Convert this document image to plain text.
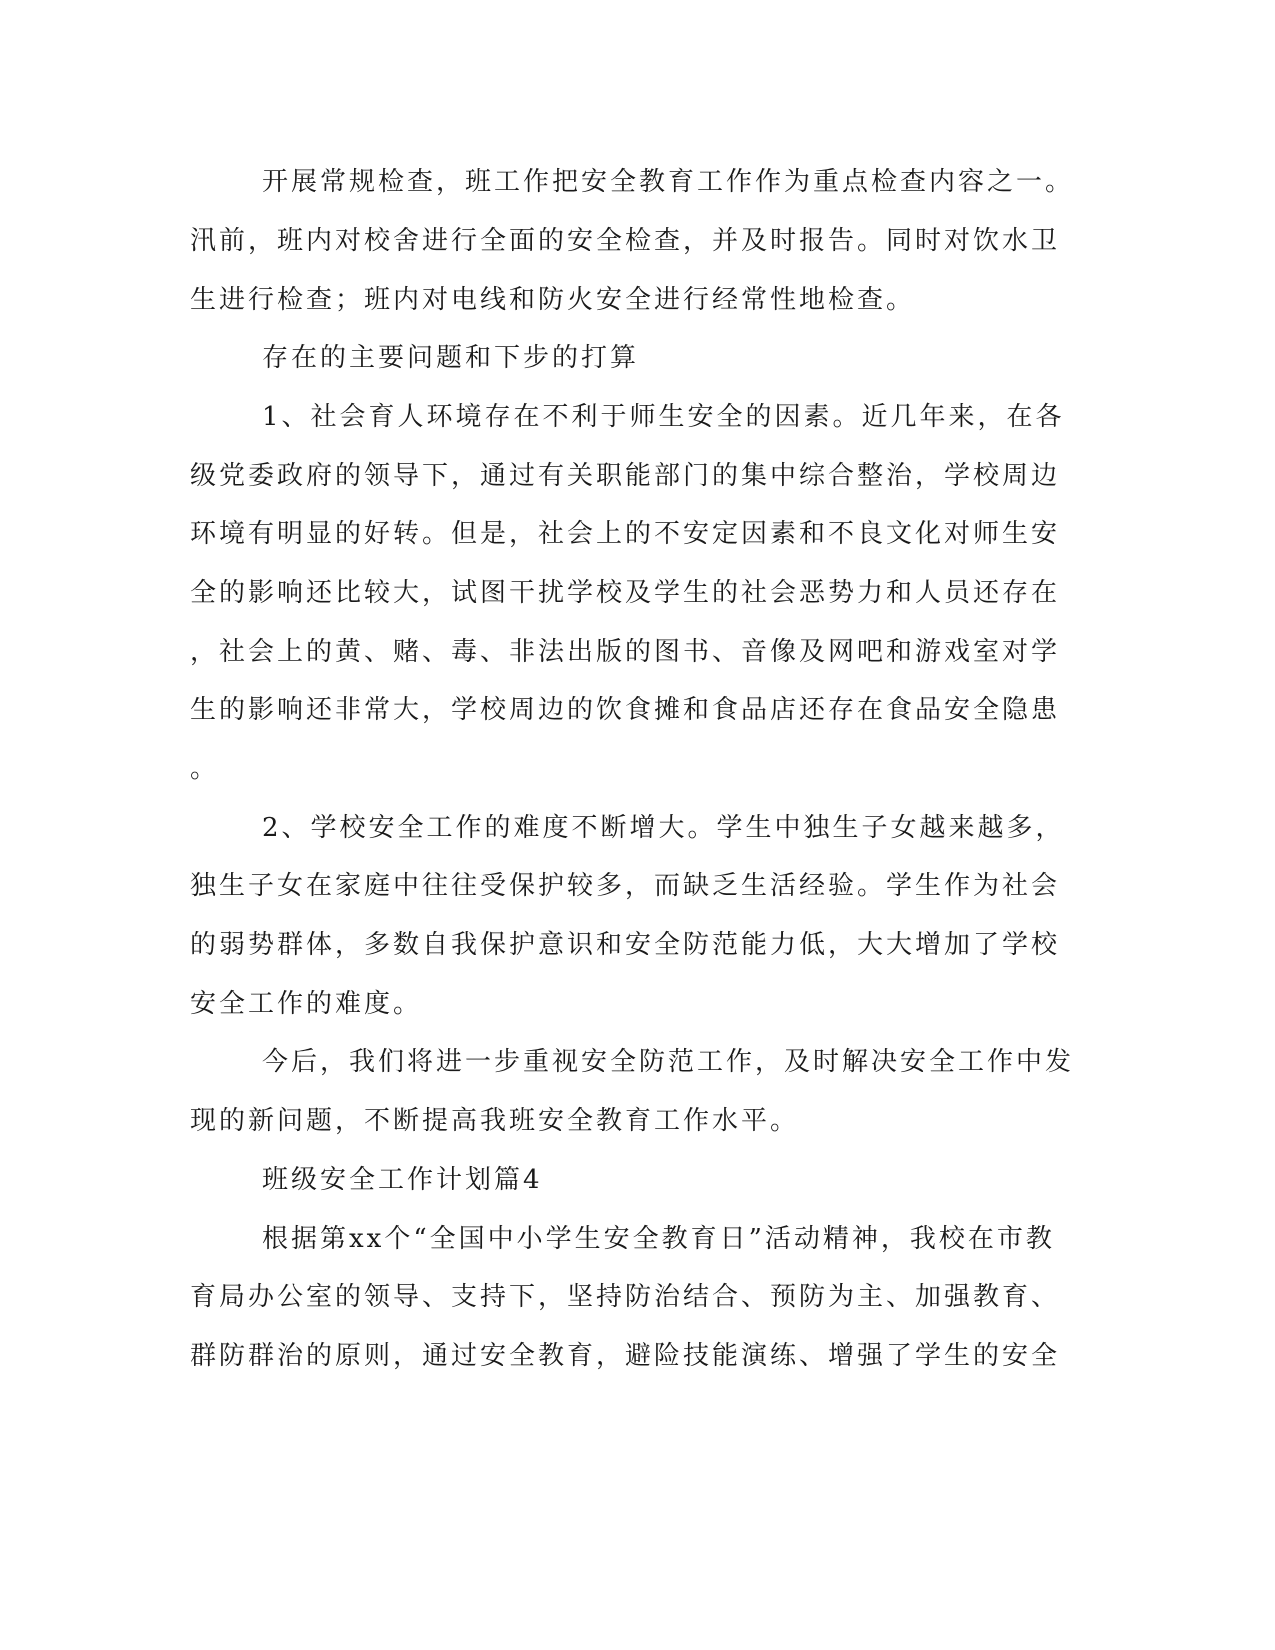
开展常规检查，班工作把安全教育工作作为重点检查内容之一。

汛前，班内对校舍进行全面的安全检查，并及时报告。同时对饮水卫

生进行检查；班内对电线和防火安全进行经常性地检查。

存在的主要问题和下步的打算

1、社会育人环境存在不利于师生安全的因素。近几年来，在各

级党委政府的领导下，通过有关职能部门的集中综合整治，学校周边

环境有明显的好转。但是，社会上的不安定因素和不良文化对师生安

全的影响还比较大，试图干扰学校及学生的社会恶势力和人员还存在

，社会上的黄、赌、毒、非法出版的图书、音像及网吧和游戏室对学

生的影响还非常大，学校周边的饮食摊和食品店还存在食品安全隐患

。

2、学校安全工作的难度不断增大。学生中独生子女越来越多，

独生子女在家庭中往往受保护较多，而缺乏生活经验。学生作为社会

的弱势群体，多数自我保护意识和安全防范能力低，大大增加了学校

安全工作的难度。

今后，我们将进一步重视安全防范工作，及时解决安全工作中发

现的新问题，不断提高我班安全教育工作水平。

班级安全工作计划篇4

根据第xx个“全国中小学生安全教育日”活动精神，我校在市教

育局办公室的领导、支持下，坚持防治结合、预防为主、加强教育、

群防群治的原则，通过安全教育，避险技能演练、增强了学生的安全
